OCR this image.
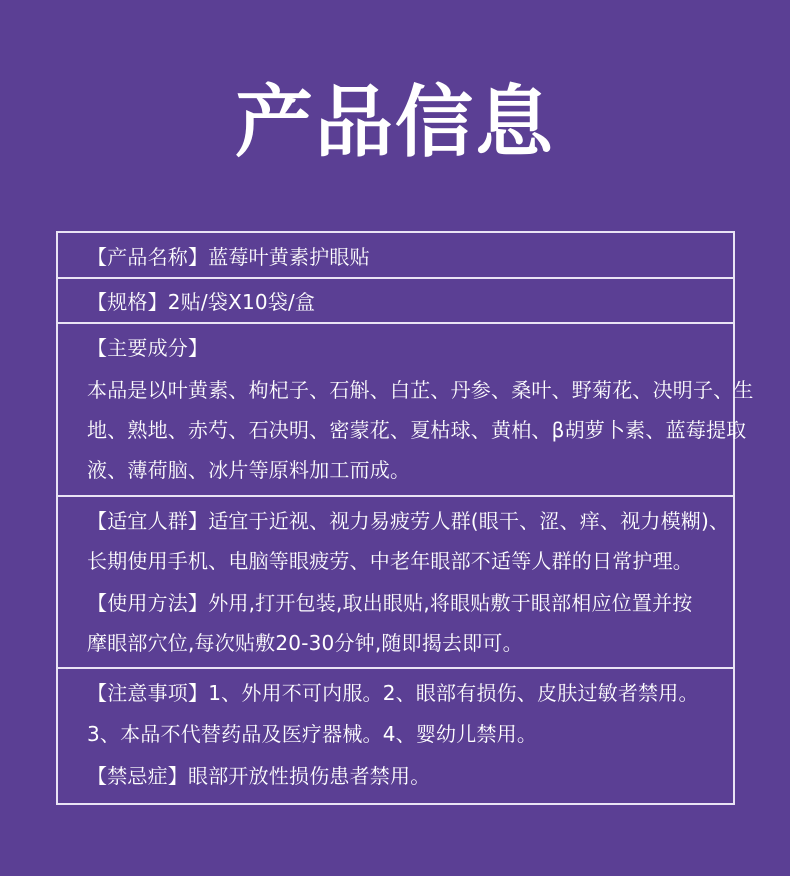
产品信息
【产品名称】蓝莓叶黄素护眼贴
【规格】2贴/袋X10袋/盒
【主要成分】
本品是以叶黄素、枸杞子、石斛、白芷、丹参、桑叶、野菊花、决明子、生
地、熟地、赤芍、石决明、密蒙花、夏枯球、黄柏、β胡萝卜素、蓝莓提取
液、薄荷脑、冰片等原料加工而成。
【适宜人群】适宜于近视、视力易疲劳人群(眼干、涩、痒、视力模糊)、
长期使用手机、电脑等眼疲劳、中老年眼部不适等人群的日常护理。
【使用方法】外用,打开包装,取出眼贴,将眼贴敷于眼部相应位置并按
摩眼部穴位,每次贴敷20-30分钟,随即揭去即可。
【注意事项】1、外用不可内服。2、眼部有损伤、皮肤过敏者禁用。
3、本品不代替药品及医疗器械。4、婴幼儿禁用。
【禁忌症】眼部开放性损伤患者禁用。
